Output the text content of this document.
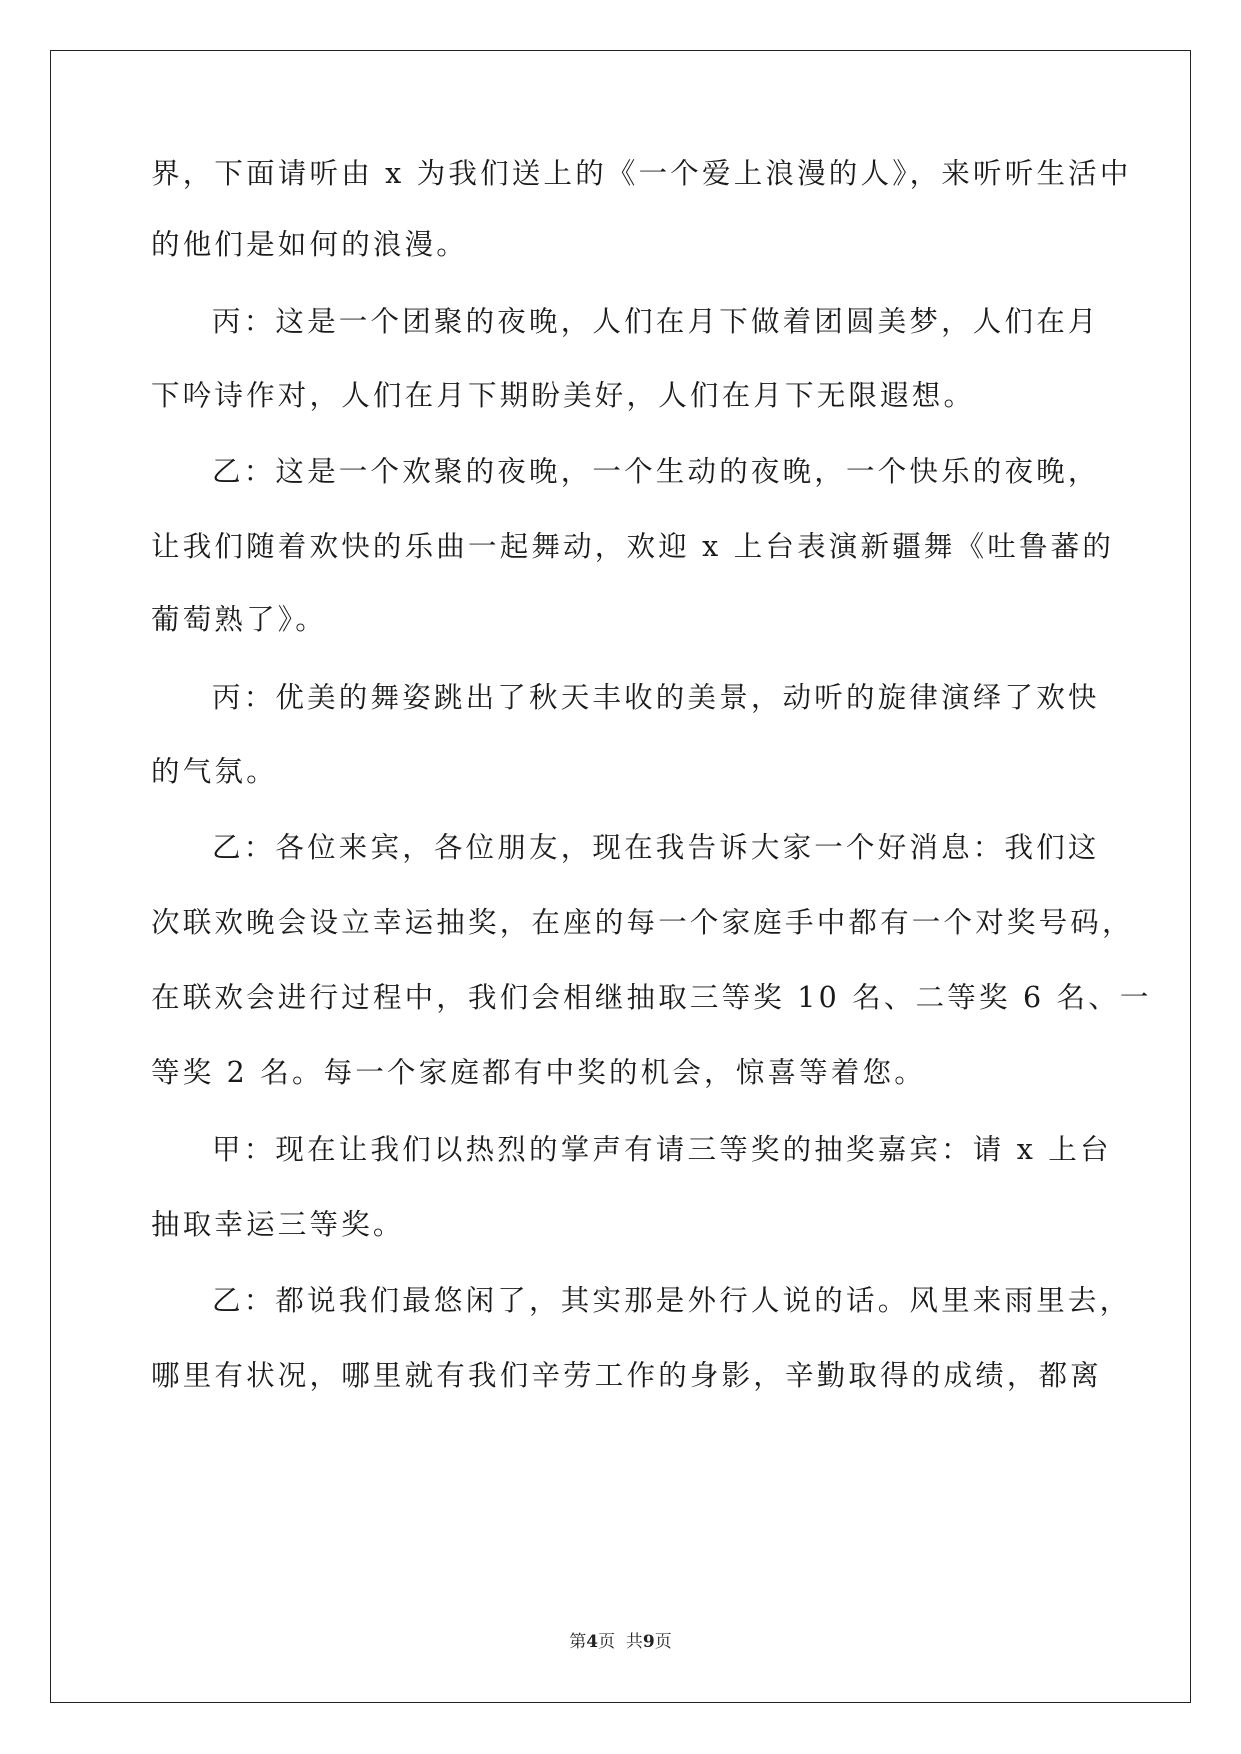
界，下面请听由 x 为我们送上的《一个爱上浪漫的人》，来听听生活中
的他们是如何的浪漫。
丙：这是一个团聚的夜晚，人们在月下做着团圆美梦，人们在月
下吟诗作对，人们在月下期盼美好，人们在月下无限遐想。
乙：这是一个欢聚的夜晚，一个生动的夜晚，一个快乐的夜晚，
让我们随着欢快的乐曲一起舞动，欢迎 x 上台表演新疆舞《吐鲁蕃的
葡萄熟了》。
丙：优美的舞姿跳出了秋天丰收的美景，动听的旋律演绎了欢快
的气氛。
乙：各位来宾，各位朋友，现在我告诉大家一个好消息：我们这
次联欢晚会设立幸运抽奖，在座的每一个家庭手中都有一个对奖号码，
在联欢会进行过程中，我们会相继抽取三等奖 10 名、二等奖 6 名、一
等奖 2 名。每一个家庭都有中奖的机会，惊喜等着您。
甲：现在让我们以热烈的掌声有请三等奖的抽奖嘉宾：请 x 上台
抽取幸运三等奖。
乙：都说我们最悠闲了，其实那是外行人说的话。风里来雨里去，
哪里有状况，哪里就有我们辛劳工作的身影，辛勤取得的成绩，都离
第4页  共9页
